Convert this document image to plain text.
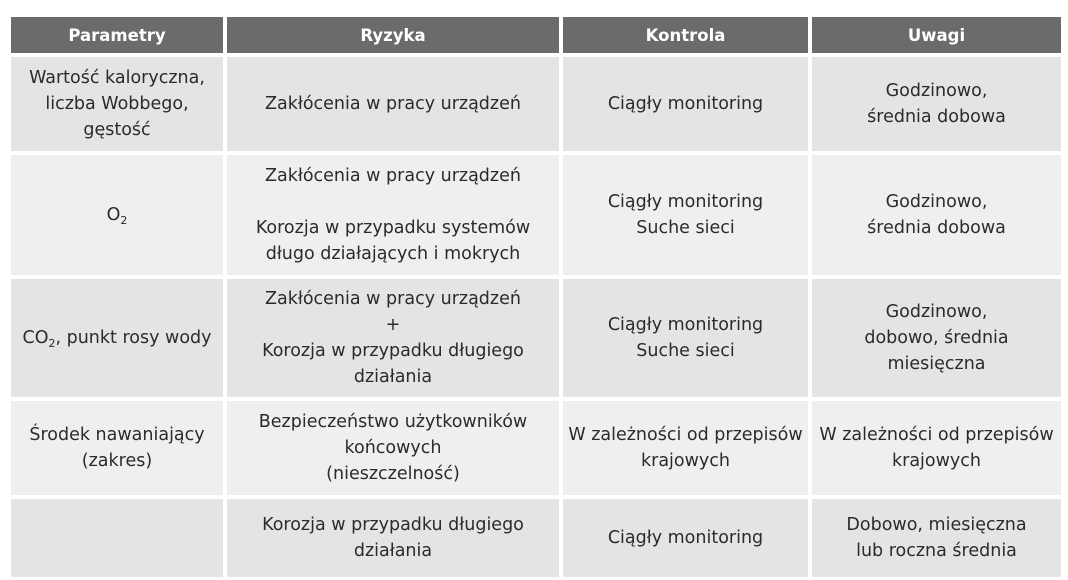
Parametry	Ryzyka	Kontrola	Uwagi

Wartość kaloryczna,
liczba Wobbego,
gęstość	Zakłócenia w pracy urządzeń	Ciągły monitoring	Godzinowo,
średnia dobowa

$O_2$	Zakłócenia w pracy urządzeń
Korozja w przypadku systemów
długo działających i mokrych	Ciągły monitoring
Suche sieci	Godzinowo,
średnia dobowa

$CO_2$, punkt rosy wody	Zakłócenia w pracy urządzeń
+
Korozja w przypadku długiego
działania	Ciągły monitoring
Suche sieci	Godzinowo,
dobowo, średnia
miesięczna

Środek nawaniający
(zakres)	Bezpieczeństwo użytkowników
końcowych
(nieszczelność)	W zależności od przepisów
krajowych	W zależności od przepisów
krajowych

	Korozja w przypadku długiego
działania	Ciągły monitoring	Dobowo, miesięczna
lub roczna średnia
